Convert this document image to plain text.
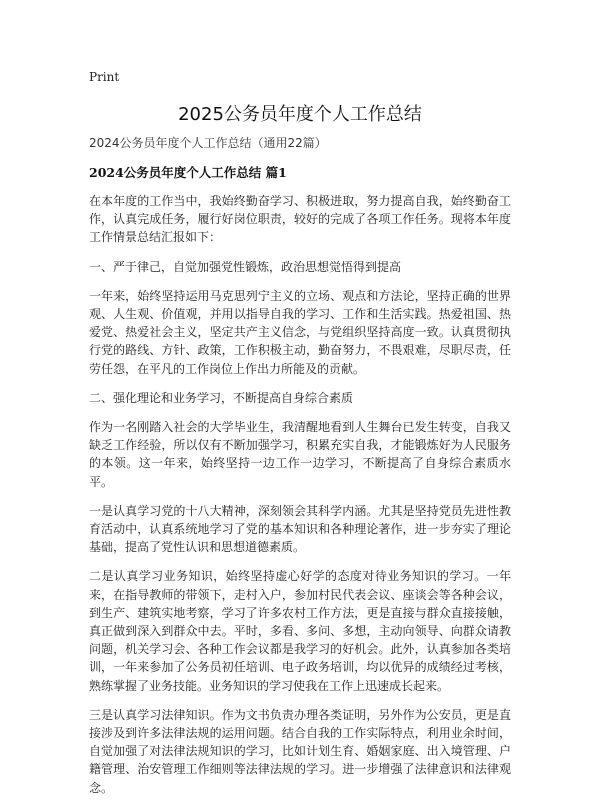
Print
2025公务员年度个人工作总结

2024公务员年度个人工作总结（通用22篇）

2024公务员年度个人工作总结 篇1

在本年度的工作当中，我始终勤奋学习、积极进取，努力提高自我，始终勤奋工作，认真完成任务，履行好岗位职责，较好的完成了各项工作任务。现将本年度工作情景总结汇报如下：

一、严于律己，自觉加强党性锻炼，政治思想觉悟得到提高

一年来，始终坚持运用马克思列宁主义的立场、观点和方法论，坚持正确的世界观、人生观、价值观，并用以指导自我的学习、工作和生活实践。热爱祖国、热爱党、热爱社会主义，坚定共产主义信念，与党组织坚持高度一致。认真贯彻执行党的路线、方针、政策，工作积极主动，勤奋努力，不畏艰难，尽职尽责，任劳任怨，在平凡的工作岗位上作出力所能及的贡献。

二、强化理论和业务学习，不断提高自身综合素质

作为一名刚踏入社会的大学毕业生，我清醒地看到人生舞台已发生转变，自我又缺乏工作经验，所以仅有不断加强学习，积累充实自我，才能锻炼好为人民服务的本领。这一年来，始终坚持一边工作一边学习，不断提高了自身综合素质水平。

一是认真学习党的十八大精神，深刻领会其科学内涵。尤其是坚持党员先进性教育活动中，认真系统地学习了党的基本知识和各种理论著作，进一步夯实了理论基础，提高了党性认识和思想道德素质。

二是认真学习业务知识，始终坚持虚心好学的态度对待业务知识的学习。一年来，在指导教师的带领下，走村入户，参加村民代表会议、座谈会等各种会议，到生产、建筑实地考察，学习了许多农村工作方法，更是直接与群众直接接触，真正做到深入到群众中去。平时，多看、多问、多想，主动向领导、向群众请教问题，机关学习会、各种工作会议都是我学习的好机会。此外，认真参加各类培训，一年来参加了公务员初任培训、电子政务培训，均以优异的成绩经过考核，熟练掌握了业务技能。业务知识的学习使我在工作上迅速成长起来。

三是认真学习法律知识。作为文书负责办理各类证明，另外作为公安员，更是直接涉及到许多法律法规的运用问题。结合自我的工作实际特点，利用业余时间，自觉加强了对法律法规知识的学习，比如计划生育、婚姻家庭、出入境管理、户籍管理、治安管理工作细则等法律法规的学习。进一步增强了法律意识和法律观念。
